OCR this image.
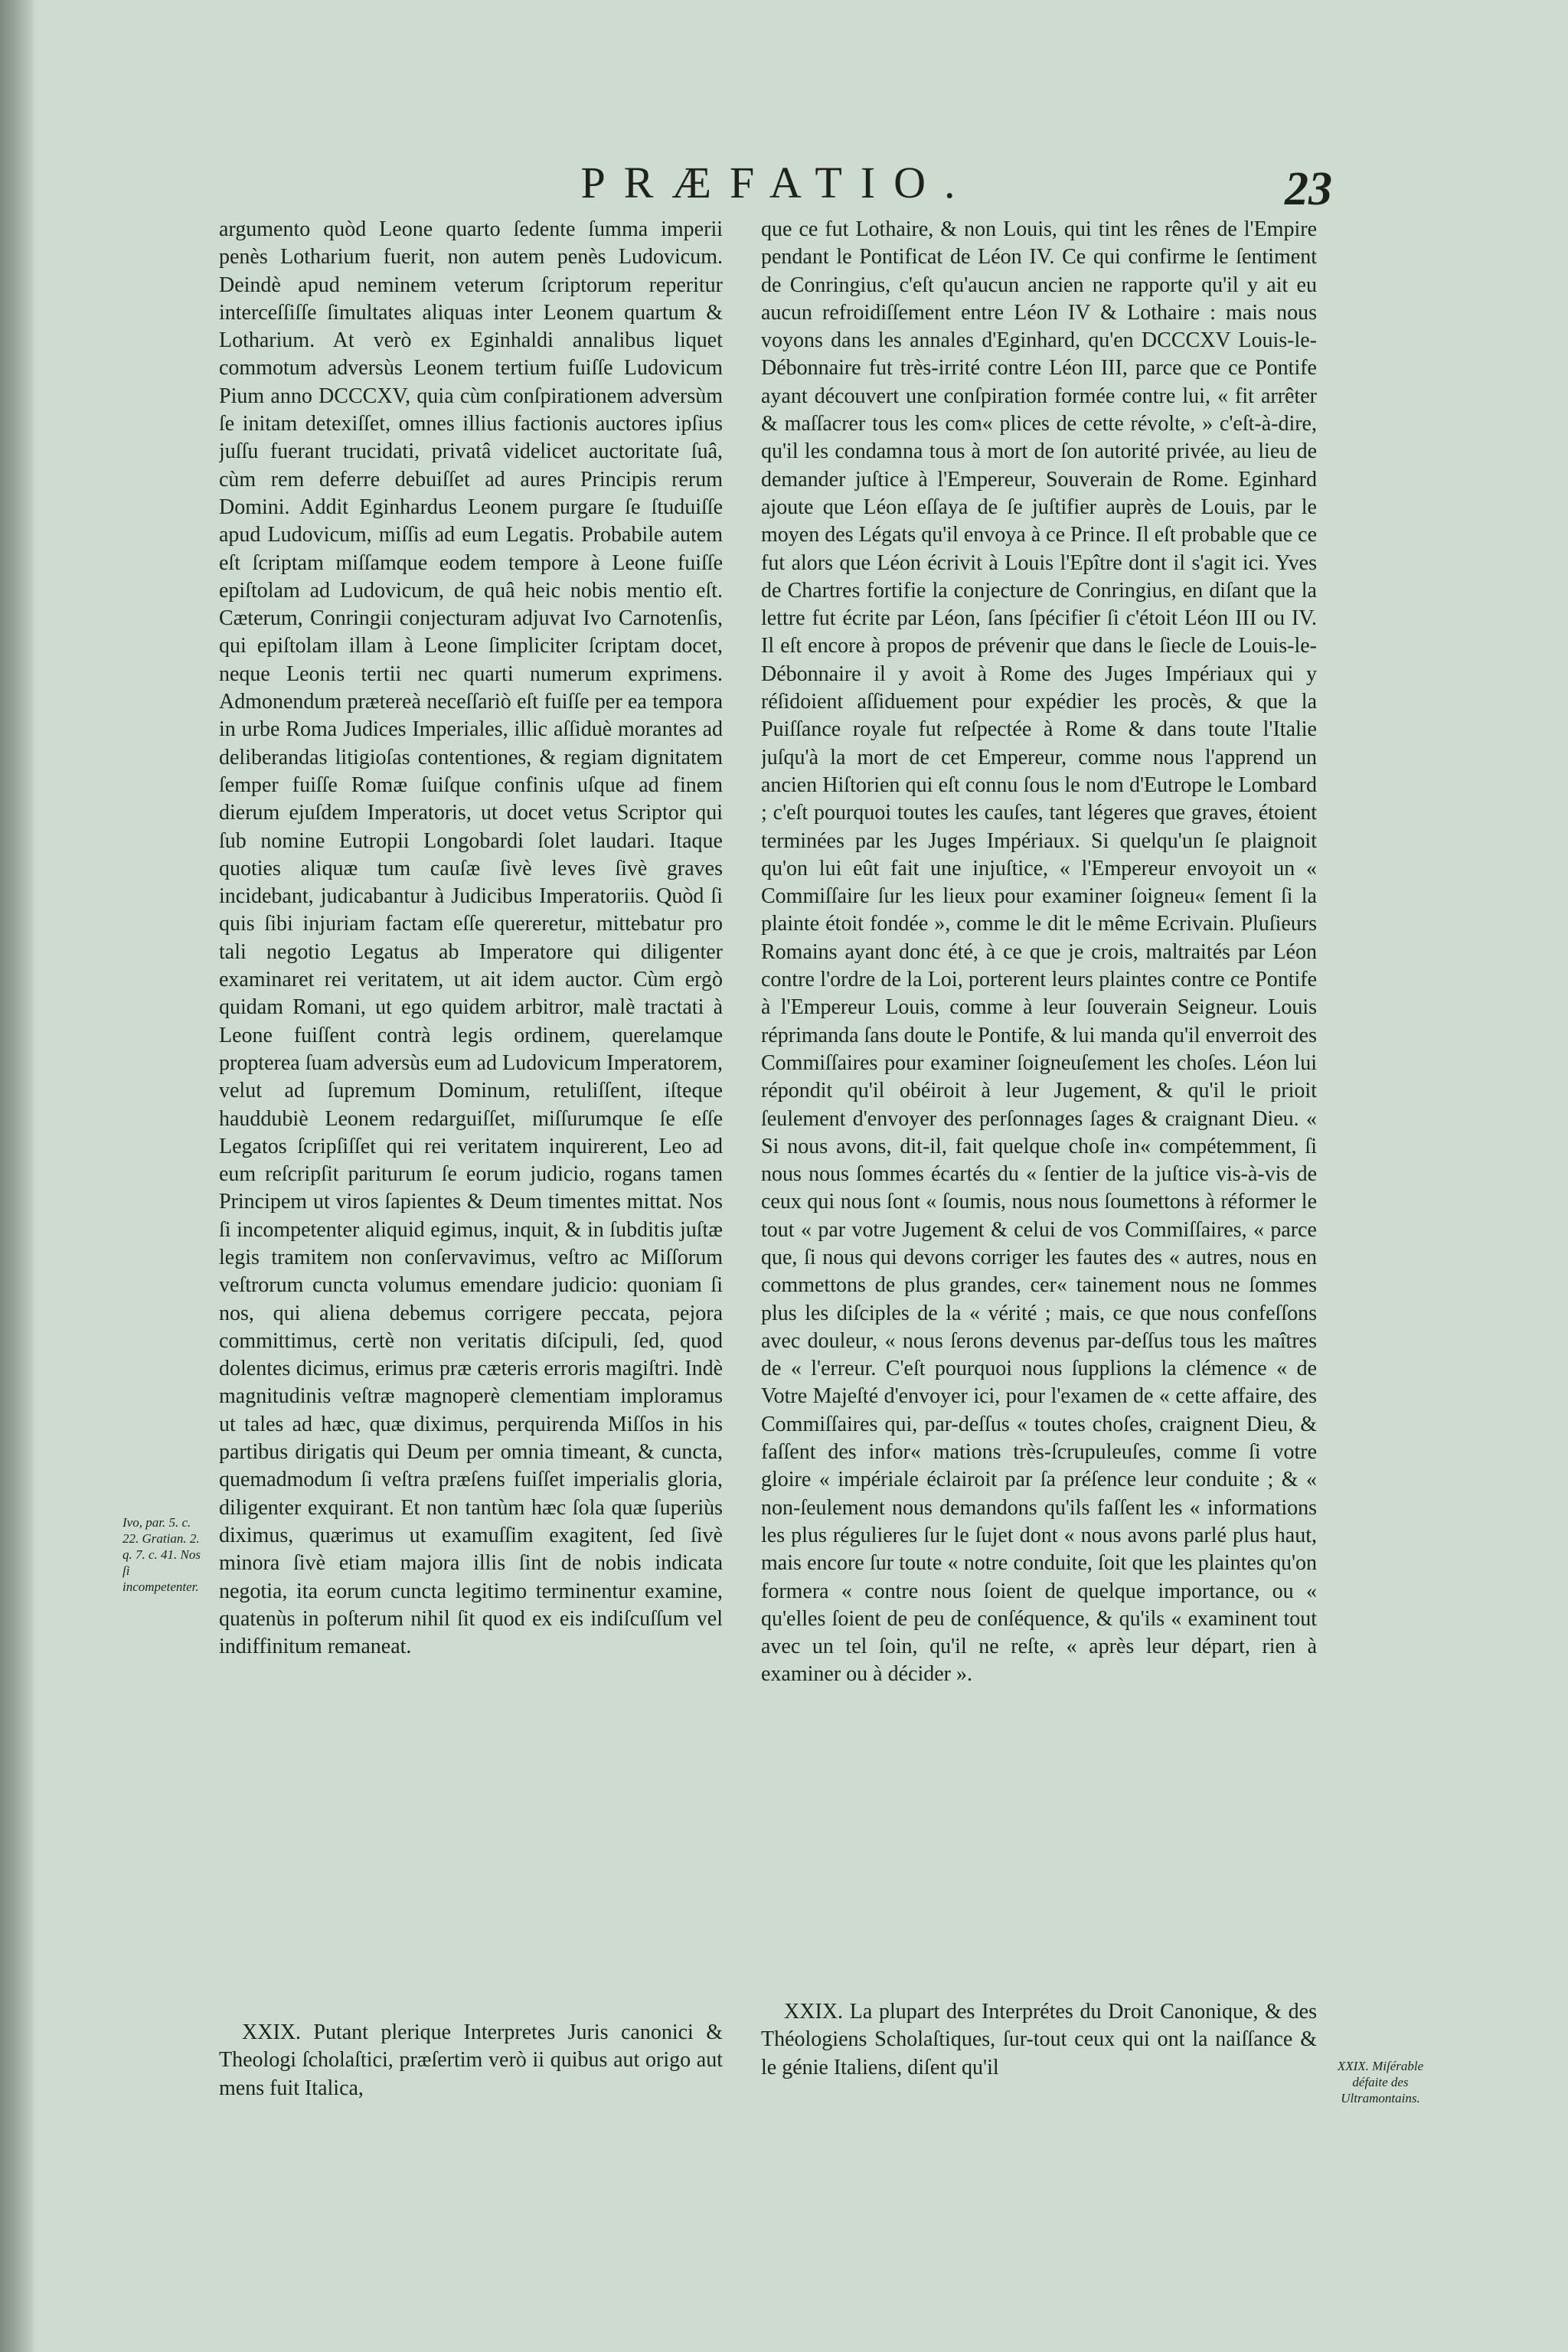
PRÆFATIO.	23

argumento quòd Leone quarto ſedente ſumma imperii penès Lotharium fuerit, non autem penès Ludovicum. Deindè apud neminem veterum ſcriptorum reperitur interceſſiſſe ſimultates aliquas inter Leonem quartum & Lotharium. At verò ex Eginhaldi annalibus liquet commotum adversùs Leonem tertium fuiſſe Ludovicum Pium anno DCCCXV, quia cùm conſpirationem adversùm ſe initam detexiſſet, omnes illius factionis auctores ipſius juſſu fuerant trucidati, privatâ videlicet auctoritate ſuâ, cùm rem deferre debuiſſet ad aures Principis rerum Domini. Addit Eginhardus Leonem purgare ſe ſtuduiſſe apud Ludovicum, miſſis ad eum Legatis. Probabile autem eſt ſcriptam miſſamque eodem tempore à Leone fuiſſe epiſtolam ad Ludovicum, de quâ heic nobis mentio eſt. Cæterum, Conringii conjecturam adjuvat Ivo Carnotenſis, qui epiſtolam illam à Leone ſimpliciter ſcriptam docet, neque Leonis tertii nec quarti numerum exprimens. Admonendum prætereà neceſſariò eſt fuiſſe per ea tempora in urbe Roma Judices Imperiales, illic aſſiduè morantes ad deliberandas litigioſas contentiones, & regiam dignitatem ſemper fuiſſe Romæ ſuiſque confinis uſque ad finem dierum ejuſdem Imperatoris, ut docet vetus Scriptor qui ſub nomine Eutropii Longobardi ſolet laudari. Itaque quoties aliquæ tum cauſæ ſivè leves ſivè graves incidebant, judicabantur à Judicibus Imperatoriis. Quòd ſi quis ſibi injuriam factam eſſe quereretur, mittebatur pro tali negotio Legatus ab Imperatore qui diligenter examinaret rei veritatem, ut ait idem auctor. Cùm ergò quidam Romani, ut ego quidem arbitror, malè tractati à Leone fuiſſent contrà legis ordinem, querelamque propterea ſuam adversùs eum ad Ludovicum Imperatorem, velut ad ſupremum Dominum, retuliſſent, iſteque hauddubiè Leonem redarguiſſet, miſſurumque ſe eſſe Legatos ſcripſiſſet qui rei veritatem inquirerent, Leo ad eum reſcripſit pariturum ſe eorum judicio, rogans tamen Principem ut viros ſapientes & Deum timentes mittat. Nos ſi incompetenter aliquid egimus, inquit, & in ſubditis juſtæ legis tramitem non conſervavimus, veſtro ac Miſſorum veſtrorum cuncta volumus emendare judicio: quoniam ſi nos, qui aliena debemus corrigere peccata, pejora committimus, certè non veritatis diſcipuli, ſed, quod dolentes dicimus, erimus præ cæteris erroris magiſtri. Indè magnitudinis veſtræ magnoperè clementiam imploramus ut tales ad hæc, quæ diximus, perquirenda Miſſos in his partibus dirigatis qui Deum per omnia timeant, & cuncta, quemadmodum ſi veſtra præſens fuiſſet imperialis gloria, diligenter exquirant. Et non tantùm hæc ſola quæ ſuperiùs diximus, quærimus ut examuſſim exagitent, ſed ſivè minora ſivè etiam majora illis ſint de nobis indicata negotia, ita eorum cuncta legitimo terminentur examine, quatenùs in poſterum nihil ſit quod ex eis indiſcuſſum vel indiffinitum remaneat.

XXIX. Putant plerique Interpretes Juris canonici & Theologi ſcholaſtici, præſertim verò ii quibus aut origo aut mens fuit Italica,

que ce fut Lothaire, & non Louis, qui tint les rênes de l'Empire pendant le Pontificat de Léon IV. Ce qui confirme le ſentiment de Conringius, c'eſt qu'aucun ancien ne rapporte qu'il y ait eu aucun refroidiſſement entre Léon IV & Lothaire : mais nous voyons dans les annales d'Eginhard, qu'en DCCCXV Louis-le-Débonnaire fut très-irrité contre Léon III, parce que ce Pontife ayant découvert une conſpiration formée contre lui, « fit arrêter & maſſacrer tous les com« plices de cette révolte, » c'eſt-à-dire, qu'il les condamna tous à mort de ſon autorité privée, au lieu de demander juſtice à l'Empereur, Souverain de Rome. Eginhard ajoute que Léon eſſaya de ſe juſtifier auprès de Louis, par le moyen des Légats qu'il envoya à ce Prince. Il eſt probable que ce fut alors que Léon écrivit à Louis l'Epître dont il s'agit ici. Yves de Chartres fortifie la conjecture de Conringius, en diſant que la lettre fut écrite par Léon, ſans ſpécifier ſi c'étoit Léon III ou IV. Il eſt encore à propos de prévenir que dans le ſiecle de Louis-le-Débonnaire il y avoit à Rome des Juges Impériaux qui y réſidoient aſſiduement pour expédier les procès, & que la Puiſſance royale fut reſpectée à Rome & dans toute l'Italie juſqu'à la mort de cet Empereur, comme nous l'apprend un ancien Hiſtorien qui eſt connu ſous le nom d'Eutrope le Lombard ; c'eſt pourquoi toutes les cauſes, tant légeres que graves, étoient terminées par les Juges Impériaux. Si quelqu'un ſe plaignoit qu'on lui eût fait une injuſtice, « l'Empereur envoyoit un « Commiſſaire ſur les lieux pour examiner ſoigneu« ſement ſi la plainte étoit fondée », comme le dit le même Ecrivain. Pluſieurs Romains ayant donc été, à ce que je crois, maltraités par Léon contre l'ordre de la Loi, porterent leurs plaintes contre ce Pontife à l'Empereur Louis, comme à leur ſouverain Seigneur. Louis réprimanda ſans doute le Pontife, & lui manda qu'il enverroit des Commiſſaires pour examiner ſoigneuſement les choſes. Léon lui répondit qu'il obéiroit à leur Jugement, & qu'il le prioit ſeulement d'envoyer des perſonnages ſages & craignant Dieu. « Si nous avons, dit-il, fait quelque choſe in« compétemment, ſi nous nous ſommes écartés du « ſentier de la juſtice vis-à-vis de ceux qui nous ſont « ſoumis, nous nous ſoumettons à réformer le tout « par votre Jugement & celui de vos Commiſſaires, « parce que, ſi nous qui devons corriger les fautes des « autres, nous en commettons de plus grandes, cer« tainement nous ne ſommes plus les diſciples de la « vérité ; mais, ce que nous confeſſons avec douleur, « nous ſerons devenus par-deſſus tous les maîtres de « l'erreur. C'eſt pourquoi nous ſupplions la clémence « de Votre Majeſté d'envoyer ici, pour l'examen de « cette affaire, des Commiſſaires qui, par-deſſus « toutes choſes, craignent Dieu, & faſſent des infor« mations très-ſcrupuleuſes, comme ſi votre gloire « impériale éclairoit par ſa préſence leur conduite ; & « non-ſeulement nous demandons qu'ils faſſent les « informations les plus régulieres ſur le ſujet dont « nous avons parlé plus haut, mais encore ſur toute « notre conduite, ſoit que les plaintes qu'on formera « contre nous ſoient de quelque importance, ou « qu'elles ſoient de peu de conſéquence, & qu'ils « examinent tout avec un tel ſoin, qu'il ne reſte, « après leur départ, rien à examiner ou à décider ».

XXIX. La plupart des Interprétes du Droit Canonique, & des Théologiens Scholaſtiques, ſur-tout ceux qui ont la naiſſance & le génie Italiens, diſent qu'il

Ivo, par. 5. c. 22. Gratian. 2. q. 7. c. 41. Nos ſi incompetenter.
XXIX. Miſérable défaite des Ultramontains.
